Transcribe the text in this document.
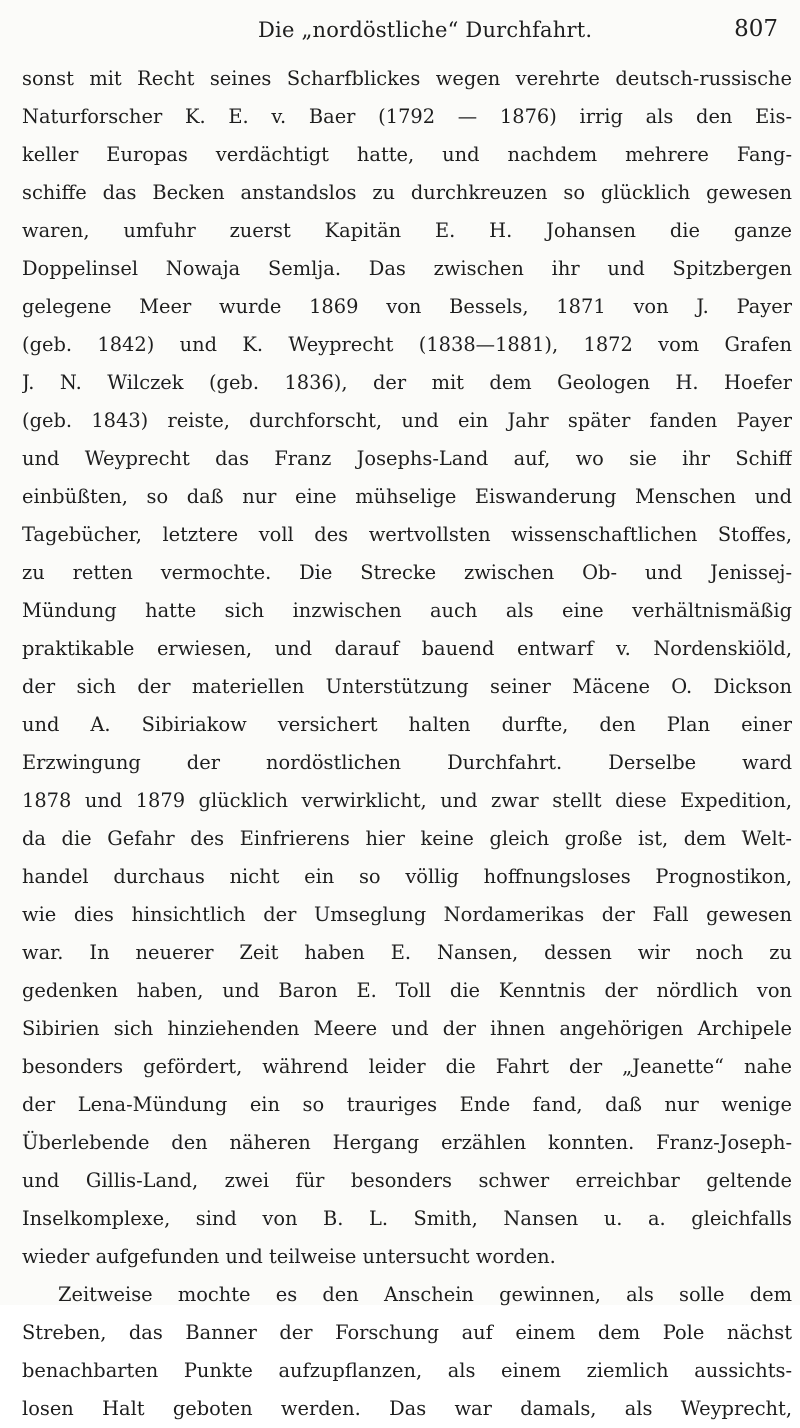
Die „nordöstliche“ Durchfahrt.	807
sonst mit Recht seines Scharfblickes wegen verehrte deutsch-russische
Naturforscher K. E. v. Baer (1792 — 1876) irrig als den Eis-
keller Europas verdächtigt hatte, und nachdem mehrere Fang-
schiffe das Becken anstandslos zu durchkreuzen so glücklich gewesen
waren, umfuhr zuerst Kapitän E. H. Johansen die ganze
Doppelinsel Nowaja Semlja. Das zwischen ihr und Spitzbergen
gelegene Meer wurde 1869 von Bessels, 1871 von J. Payer
(geb. 1842) und K. Weyprecht (1838—1881), 1872 vom Grafen
J. N. Wilczek (geb. 1836), der mit dem Geologen H. Hoefer
(geb. 1843) reiste, durchforscht, und ein Jahr später fanden Payer
und Weyprecht das Franz Josephs-Land auf, wo sie ihr Schiff
einbüßten, so daß nur eine mühselige Eiswanderung Menschen und
Tagebücher, letztere voll des wertvollsten wissenschaftlichen Stoffes,
zu retten vermochte. Die Strecke zwischen Ob- und Jenissej-
Mündung hatte sich inzwischen auch als eine verhältnismäßig
praktikable erwiesen, und darauf bauend entwarf v. Nordenskiöld,
der sich der materiellen Unterstützung seiner Mäcene O. Dickson
und A. Sibiriakow versichert halten durfte, den Plan einer
Erzwingung der nordöstlichen Durchfahrt. Derselbe ward
1878 und 1879 glücklich verwirklicht, und zwar stellt diese Expedition,
da die Gefahr des Einfrierens hier keine gleich große ist, dem Welt-
handel durchaus nicht ein so völlig hoffnungsloses Prognostikon,
wie dies hinsichtlich der Umseglung Nordamerikas der Fall gewesen
war. In neuerer Zeit haben E. Nansen, dessen wir noch zu
gedenken haben, und Baron E. Toll die Kenntnis der nördlich von
Sibirien sich hinziehenden Meere und der ihnen angehörigen Archipele
besonders gefördert, während leider die Fahrt der „Jeanette“ nahe
der Lena-Mündung ein so trauriges Ende fand, daß nur wenige
Überlebende den näheren Hergang erzählen konnten. Franz-Joseph-
und Gillis-Land, zwei für besonders schwer erreichbar geltende
Inselkomplexe, sind von B. L. Smith, Nansen u. a. gleichfalls
wieder aufgefunden und teilweise untersucht worden.
Zeitweise mochte es den Anschein gewinnen, als solle dem
Streben, das Banner der Forschung auf einem dem Pole nächst
benachbarten Punkte aufzupflanzen, als einem ziemlich aussichts-
losen Halt geboten werden. Das war damals, als Weyprecht,
